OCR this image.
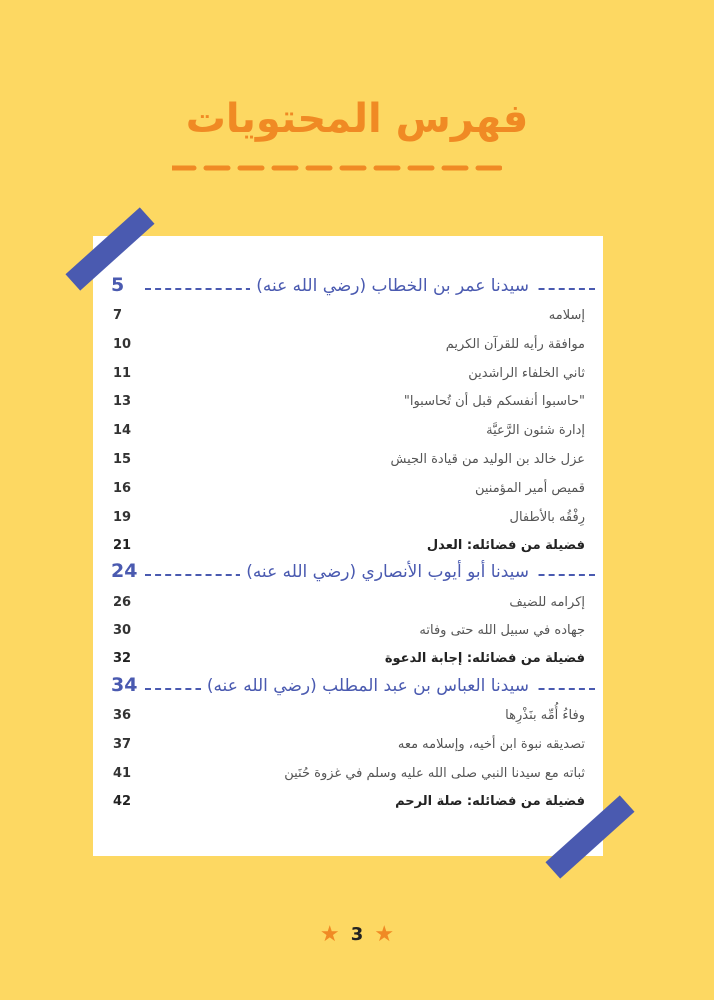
فهرس المحتويات
سيدنا عمر بن الخطاب (رضي الله عنه)
5
إسلامه
7
موافقة رأيه للقرآن الكريم
10
ثاني الخلفاء الراشدين
11
"حاسبوا أنفسكم قبل أن تُحاسبوا"
13
إدارة شئون الرَّعيَّة
14
عزل خالد بن الوليد من قيادة الجيش
15
قميص أمير المؤمنين
16
رِفْقُه بالأطفال
19
فضيلة من فضائله: العدل
21
سيدنا أبو أيوب الأنصاري (رضي الله عنه)
24
إكرامه للضيف
26
جهاده في سبيل الله حتى وفاته
30
فضيلة من فضائله: إجابة الدعوة
32
سيدنا العباس بن عبد المطلب (رضي الله عنه)
34
وفاءُ أُمِّه بنَذْرِها
36
تصديقه نبوة ابن أخيه، وإسلامه معه
37
ثباته مع سيدنا النبي صلى الله عليه وسلم في غزوة حُنَين
41
فضيلة من فضائله: صلة الرحم
42
★ 3 ★
